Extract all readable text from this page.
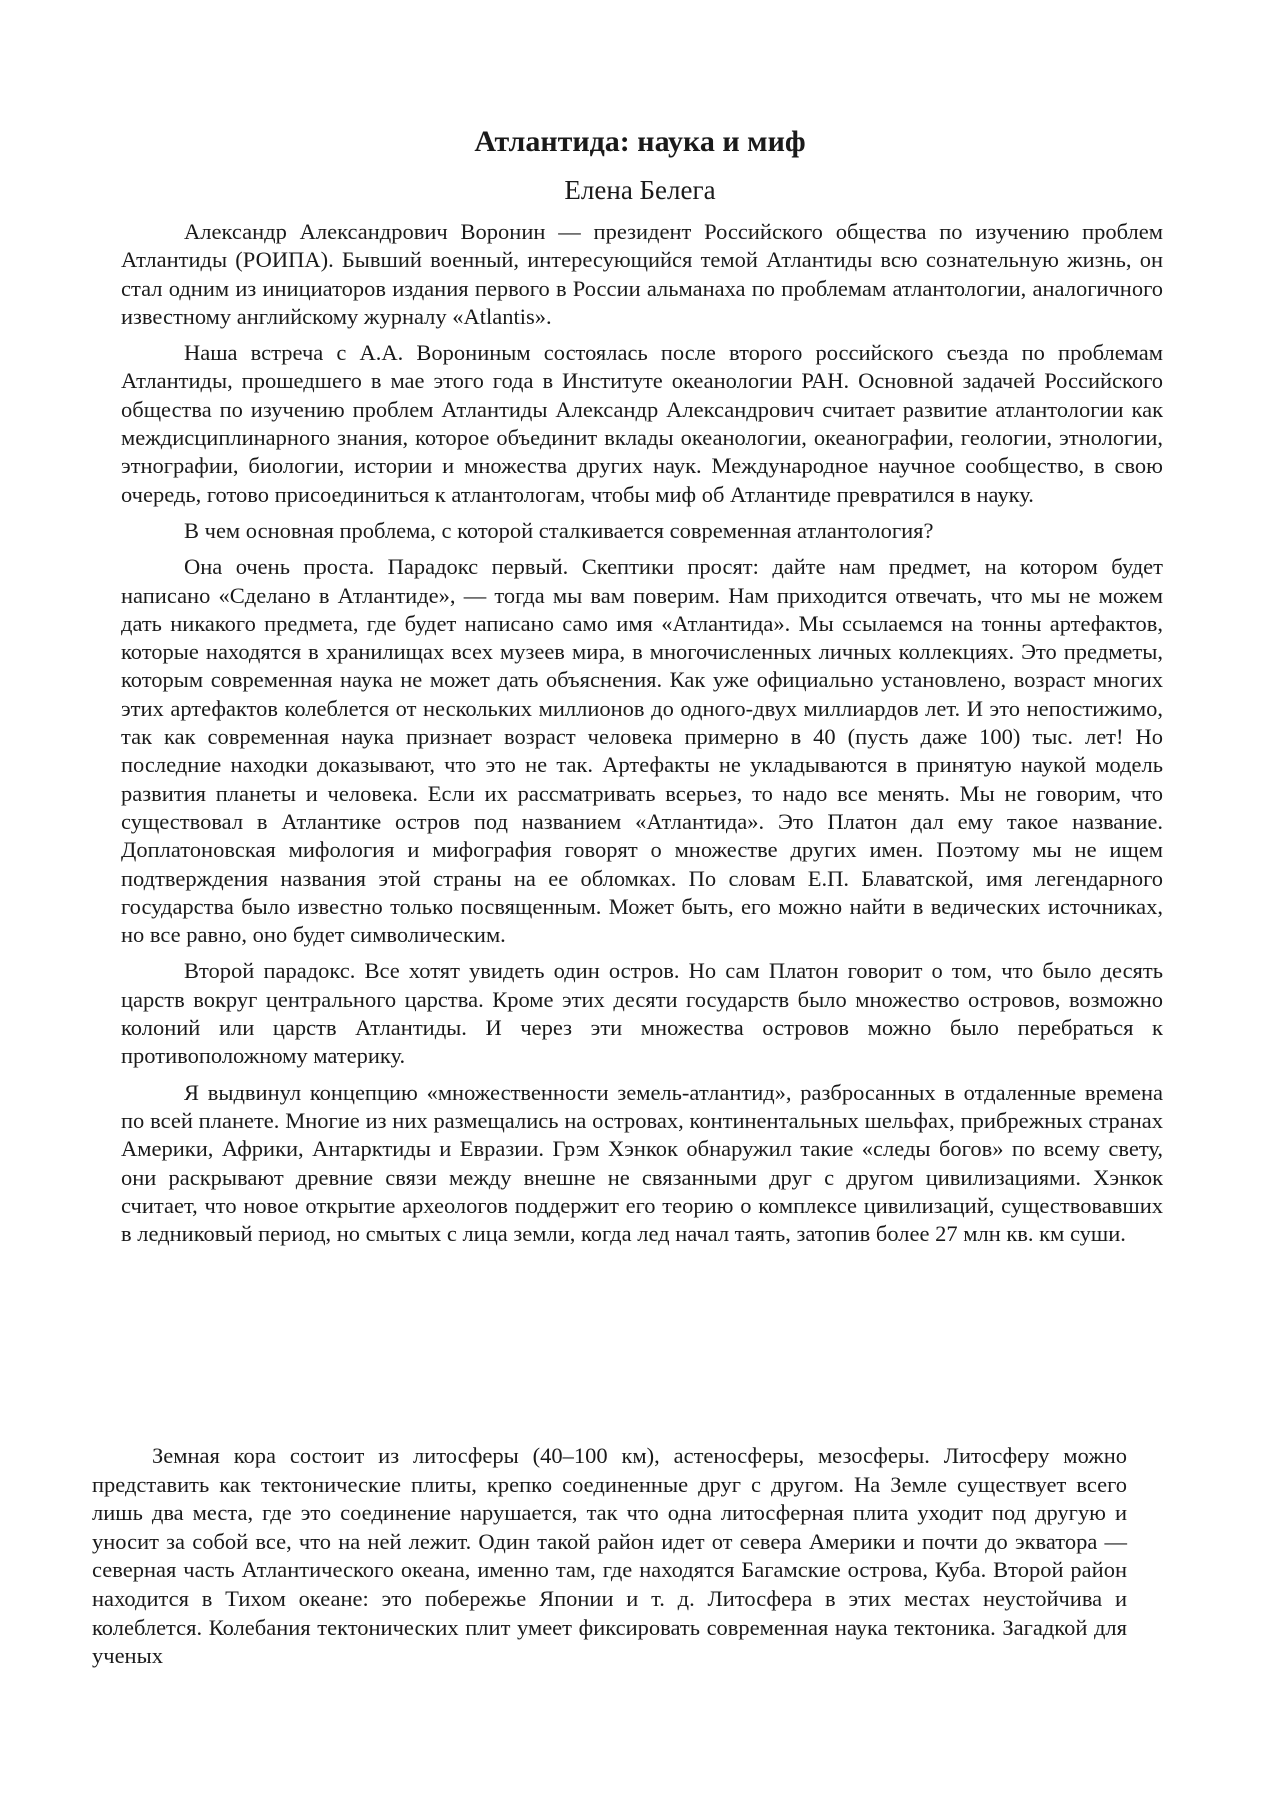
Атлантида: наука и миф
Елена Белега

Александр Александрович Воронин — президент Российского общества по изучению проблем Атлантиды (РОИПА). Бывший военный, интересующийся темой Атлантиды всю сознательную жизнь, он стал одним из инициаторов издания первого в России альманаха по проблемам атлантологии, аналогичного известному английскому журналу «Atlantis».

Наша встреча с А.А. Ворониным состоялась после второго российского съезда по проблемам Атлантиды, прошедшего в мае этого года в Институте океанологии РАН. Основной задачей Российского общества по изучению проблем Атлантиды Александр Александрович считает развитие атлантологии как междисциплинарного знания, которое объединит вклады океанологии, океанографии, геологии, этнологии, этнографии, биологии, истории и множества других наук. Международное научное сообщество, в свою очередь, готово присоединиться к атлантологам, чтобы миф об Атлантиде превратился в науку.

В чем основная проблема, с которой сталкивается современная атлантология?

Она очень проста. Парадокс первый. Скептики просят: дайте нам предмет, на котором будет написано «Сделано в Атлантиде», — тогда мы вам поверим. Нам приходится отвечать, что мы не можем дать никакого предмета, где будет написано само имя «Атлантида». Мы ссылаемся на тонны артефактов, которые находятся в хранилищах всех музеев мира, в многочисленных личных коллекциях. Это предметы, которым современная наука не может дать объяснения. Как уже официально установлено, возраст многих этих артефактов колеблется от нескольких миллионов до одного-двух миллиардов лет. И это непостижимо, так как современная наука признает возраст человека примерно в 40 (пусть даже 100) тыс. лет! Но последние находки доказывают, что это не так. Артефакты не укладываются в принятую наукой модель развития планеты и человека. Если их рассматривать всерьез, то надо все менять. Мы не говорим, что существовал в Атлантике остров под названием «Атлантида». Это Платон дал ему такое название. Доплатоновская мифология и мифография говорят о множестве других имен. Поэтому мы не ищем подтверждения названия этой страны на ее обломках. По словам Е.П. Блаватской, имя легендарного государства было известно только посвященным. Может быть, его можно найти в ведических источниках, но все равно, оно будет символическим.

Второй парадокс. Все хотят увидеть один остров. Но сам Платон говорит о том, что было десять царств вокруг центрального царства. Кроме этих десяти государств было множество островов, возможно колоний или царств Атлантиды. И через эти множества островов можно было перебраться к противоположному материку.

Я выдвинул концепцию «множественности земель-атлантид», разбросанных в отдаленные времена по всей планете. Многие из них размещались на островах, континентальных шельфах, прибрежных странах Америки, Африки, Антарктиды и Евразии. Грэм Хэнкок обнаружил такие «следы богов» по всему свету, они раскрывают древние связи между внешне не связанными друг с другом цивилизациями. Хэнкок считает, что новое открытие археологов поддержит его теорию о комплексе цивилизаций, существовавших в ледниковый период, но смытых с лица земли, когда лед начал таять, затопив более 27 млн кв. км суши.

Земная кора состоит из литосферы (40–100 км), астеносферы, мезосферы. Литосферу можно представить как тектонические плиты, крепко соединенные друг с другом. На Земле существует всего лишь два места, где это соединение нарушается, так что одна литосферная плита уходит под другую и уносит за собой все, что на ней лежит. Один такой район идет от севера Америки и почти до экватора — северная часть Атлантического океана, именно там, где находятся Багамские острова, Куба. Второй район находится в Тихом океане: это побережье Японии и т. д. Литосфера в этих местах неустойчива и колеблется. Колебания тектонических плит умеет фиксировать современная наука тектоника. Загадкой для ученых
